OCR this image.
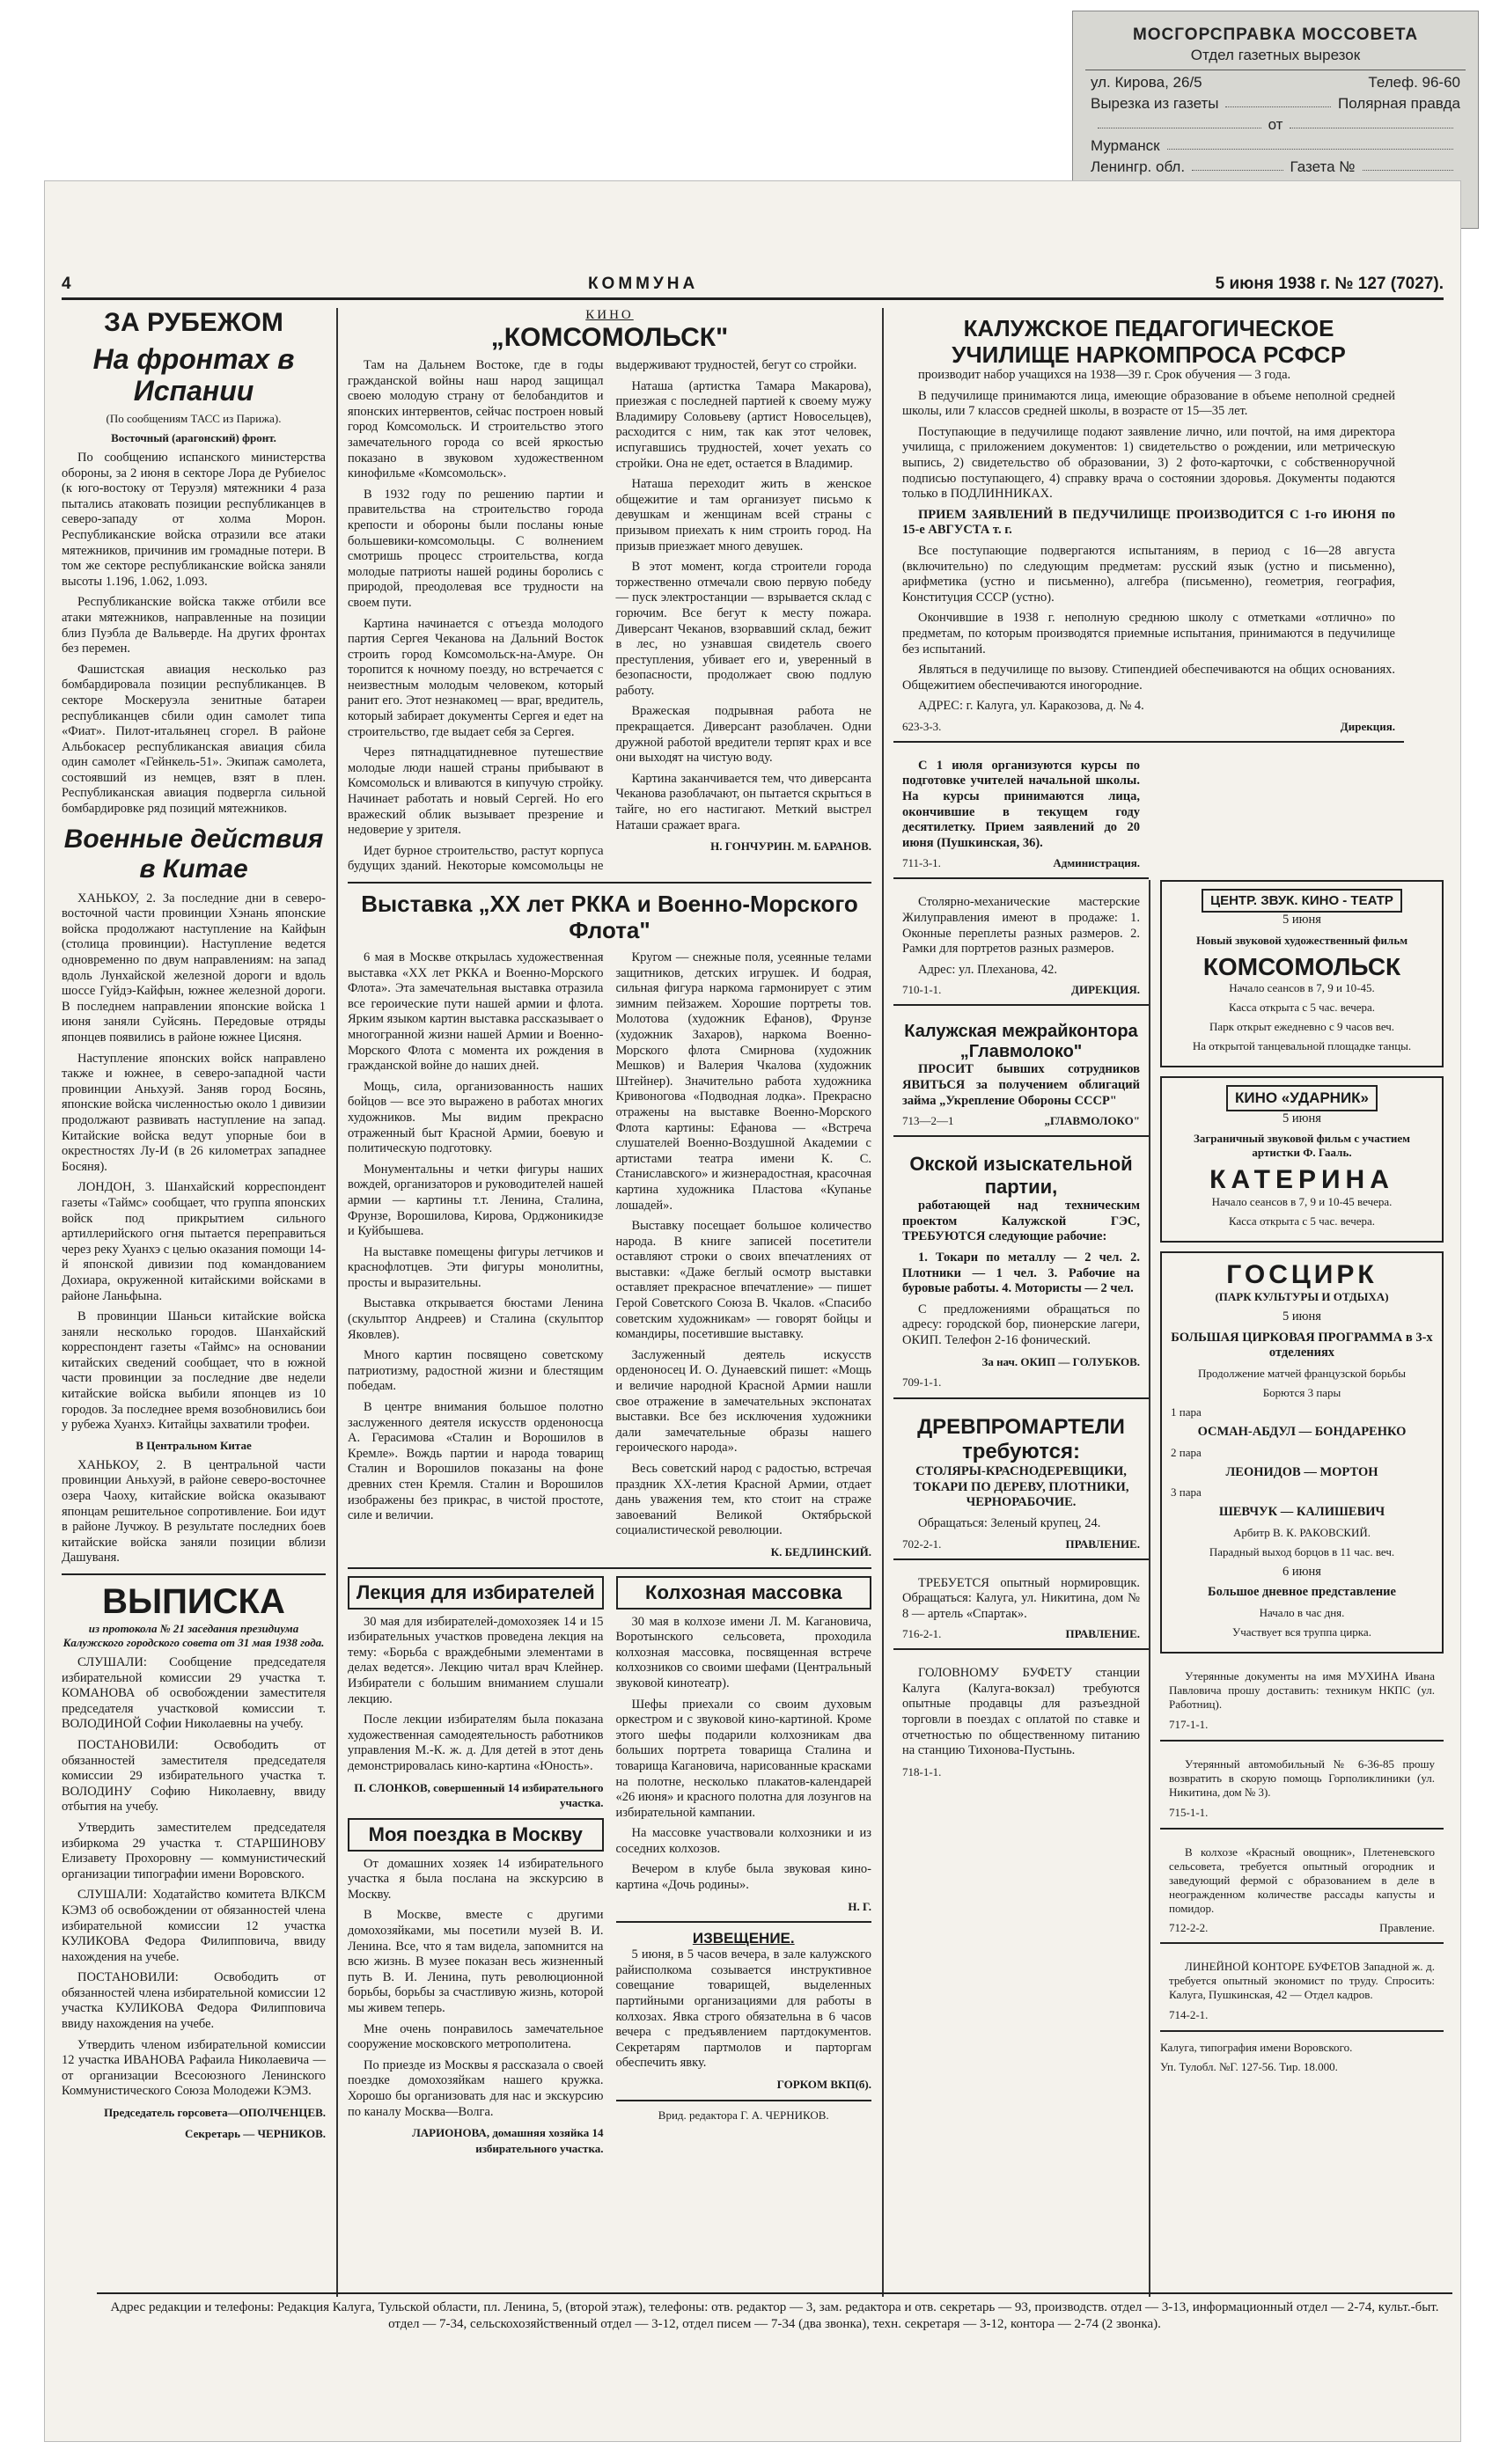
МОСГОРСПРАВКА МОССОВЕТА
Отдел газетных вырезок
ул. Кирова, 26/5	Телеф. 96-60
Вырезка из газеты	Полярная правда
от
Мурманск
Ленингр. обл.	Газета №
4	КОММУНА	5 июня 1938 г. № 127 (7027).
ЗА РУБЕЖОМ
На фронтах в Испании

(По сообщениям ТАСС из Парижа).

Восточный (арагонский) фронт.

По сообщению испанского министерства обороны, за 2 июня в секторе Лора де Рубиелос (к юго-востоку от Теруэля) мятежники 4 раза пытались атаковать позиции республиканцев в северо-западу от холма Морон. Республиканские войска отразили все атаки мятежников, причинив им громадные потери. В том же секторе республиканские войска заняли высоты 1.196, 1.062, 1.093.

Республиканские войска также отбили все атаки мятежников, направленные на позиции близ Пуэбла де Вальверде. На других фронтах без перемен.

Фашистская авиация несколько раз бомбардировала позиции республиканцев. В секторе Москеруэла зенитные батареи республиканцев сбили один самолет типа «Фиат». Пилот-итальянец сгорел. В районе Альбокасер республиканская авиация сбила один самолет «Гейнкель-51». Экипаж самолета, состоявший из немцев, взят в плен. Республиканская авиация подвергла сильной бомбардировке ряд позиций мятежников.

Военные действия в Китае

ХАНЬКОУ, 2. За последние дни в северо-восточной части провинции Хэнань японские войска продолжают наступление на Кайфын (столица провинции). Наступление ведется одновременно по двум направлениям: на запад вдоль Лунхайской железной дороги и вдоль шоссе Гуйдэ-Кайфын, южнее железной дороги. В последнем направлении японские войска 1 июня заняли Суйсянь. Передовые отряды японцев появились в районе южнее Цисяня.

Наступление японских войск направлено также и южнее, в северо-западной части провинции Аньхуэй. Заняв город Босянь, японские войска численностью около 1 дивизии продолжают развивать наступление на запад. Китайские войска ведут упорные бои в окрестностях Лу-И (в 26 километрах западнее Босяня).

ЛОНДОН, 3. Шанхайский корреспондент газеты «Таймс» сообщает, что группа японских войск под прикрытием сильного артиллерийского огня пытается переправиться через реку Хуанхэ с целью оказания помощи 14-й японской дивизии под командованием Дохиара, окруженной китайскими войсками в районе Ланьфына.

В провинции Шаньси китайские войска заняли несколько городов. Шанхайский корреспондент газеты «Таймс» на основании китайских сведений сообщает, что в южной части провинции за последние две недели китайские войска выбили японцев из 10 городов. За последнее время возобновились бои у рубежа Хуанхэ. Китайцы захватили трофеи.

В Центральном Китае

ХАНЬКОУ, 2. В центральной части провинции Аньхуэй, в районе северо-восточнее озера Чаоху, китайские войска оказывают японцам решительное сопротивление. Бои идут в районе Лучжоу. В результате последних боев китайские войска заняли позиции вблизи Дашуваня.

ВЫПИСКА

из протокола № 21 заседания президиума Калужского городского совета от 31 мая 1938 года.

СЛУШАЛИ: Сообщение председателя избирательной комиссии 29 участка т. КОМАНОВА об освобождении заместителя председателя участковой комиссии т. ВОЛОДИНОЙ Софии Николаевны на учебу.

ПОСТАНОВИЛИ: Освободить от обязанностей заместителя председателя комиссии 29 избирательного участка т. ВОЛОДИНУ Софию Николаевну, ввиду отбытия на учебу.

Утвердить заместителем председателя избиркома 29 участка т. СТАРШИНОВУ Елизавету Прохоровну — коммунистический организации типографии имени Воровского.

СЛУШАЛИ: Ходатайство комитета ВЛКСМ КЭМЗ об освобождении от обязанностей члена избирательной комиссии 12 участка КУЛИКОВА Федора Филипповича, ввиду нахождения на учебе.

ПОСТАНОВИЛИ: Освободить от обязанностей члена избирательной комиссии 12 участка КУЛИКОВА Федора Филипповича ввиду нахождения на учебе.

Утвердить членом избирательной комиссии 12 участка ИВАНОВА Рафаила Николаевича — от организации Всесоюзного Ленинского Коммунистического Союза Молодежи КЭМЗ.

Председатель горсовета—ОПОЛЧЕНЦЕВ.

Секретарь — ЧЕРНИКОВ.

КИНО
„КОМСОМОЛЬСК"

Там на Дальнем Востоке, где в годы гражданской войны наш народ защищал своею молодую страну от белобандитов и японских интервентов, сейчас построен новый город Комсомольск. И строительство этого замечательного города со всей яркостью показано в звуковом художественном кинофильме «Комсомольск».

В 1932 году по решению партии и правительства на строительство города крепости и обороны были посланы юные большевики-комсомольцы. С волнением смотришь процесс строительства, когда молодые патриоты нашей родины боролись с природой, преодолевая все трудности на своем пути.

Картина начинается с отъезда молодого партия Сергея Чеканова на Дальний Восток строить город Комсомольск-на-Амуре. Он торопится к ночному поезду, но встречается с неизвестным молодым человеком, который ранит его. Этот незнакомец — враг, вредитель, который забирает документы Сергея и едет на строительство, где выдает себя за Сергея.

Через пятнадцатидневное путешествие молодые люди нашей страны прибывают в Комсомольск и вливаются в кипучую стройку. Начинает работать и новый Сергей. Но его вражеский облик вызывает презрение и недоверие у зрителя.

Идет бурное строительство, растут корпуса будущих зданий. Некоторые комсомольцы не выдерживают трудностей, бегут со стройки.

Наташа (артистка Тамара Макарова), приезжая с последней партией к своему мужу Владимиру Соловьеву (артист Новосельцев), расходится с ним, так как этот человек, испугавшись трудностей, хочет уехать со стройки. Она не едет, остается в Владимир.

Наташа переходит жить в женское общежитие и там организует письмо к девушкам и женщинам всей страны с призывом приехать к ним строить город. На призыв приезжает много девушек.

В этот момент, когда строители города торжественно отмечали свою первую победу — пуск электростанции — взрывается склад с горючим. Все бегут к месту пожара. Диверсант Чеканов, взорвавший склад, бежит в лес, но узнавшая свидетель своего преступления, убивает его и, уверенный в безопасности, продолжает свою подлую работу.

Вражеская подрывная работа не прекращается. Диверсант разоблачен. Одни дружной работой вредители терпят крах и все они выходят на чистую воду.

Картина заканчивается тем, что диверсанта Чеканова разоблачают, он пытается скрыться в тайге, но его настигают. Меткий выстрел Наташи сражает врага.

Н. ГОНЧУРИН. М. БАРАНОВ.

Выставка „XX лет РККА и Военно-Морского Флота"

6 мая в Москве открылась художественная выставка «XX лет РККА и Военно-Морского Флота». Эта замечательная выставка отразила все героические пути нашей армии и флота. Ярким языком картин выставка рассказывает о многогранной жизни нашей Армии и Военно-Морского Флота с момента их рождения в гражданской войне до наших дней.

Мощь, сила, организованность наших бойцов — все это выражено в работах многих художников. Мы видим прекрасно отраженный быт Красной Армии, боевую и политическую подготовку.

Монументальны и четки фигуры наших вождей, организаторов и руководителей нашей армии — картины т.т. Ленина, Сталина, Фрунзе, Ворошилова, Кирова, Орджоникидзе и Куйбышева.

На выставке помещены фигуры летчиков и краснофлотцев. Эти фигуры монолитны, просты и выразительны.

Выставка открывается бюстами Ленина (скульптор Андреев) и Сталина (скульптор Яковлев).

Много картин посвящено советскому патриотизму, радостной жизни и блестящим победам.

В центре внимания большое полотно заслуженного деятеля искусств орденоносца А. Герасимова «Сталин и Ворошилов в Кремле». Вождь партии и народа товарищ Сталин и Ворошилов показаны на фоне древних стен Кремля. Сталин и Ворошилов изображены без прикрас, в чистой простоте, силе и величии.

Кругом — снежные поля, усеянные телами защитников, детских игрушек. И бодрая, сильная фигура наркома гармонирует с этим зимним пейзажем. Хорошие портреты тов. Молотова (художник Ефанов), Фрунзе (художник Захаров), наркома Военно-Морского флота Смирнова (художник Мешков) и Валерия Чкалова (художник Штейнер). Значительно работа художника Кривоногова «Подводная лодка». Прекрасно отражены на выставке Военно-Морского Флота картины: Ефанова — «Встреча слушателей Военно-Воздушной Академии с артистами театра имени К. С. Станиславского» и жизнерадостная, красочная картина художника Пластова «Купанье лошадей».

Выставку посещает большое количество народа. В книге записей посетители оставляют строки о своих впечатлениях от выставки: «Даже беглый осмотр выставки оставляет прекрасное впечатление» — пишет Герой Советского Союза В. Чкалов. «Спасибо советским художникам» — говорят бойцы и командиры, посетившие выставку.

Заслуженный деятель искусств орденоносец И. О. Дунаевский пишет: «Мощь и величие народной Красной Армии нашли свое отражение в замечательных экспонатах выставки. Все без исключения художники дали замечательные образы нашего героического народа».

Весь советский народ с радостью, встречая праздник XX-летия Красной Армии, отдает дань уважения тем, кто стоит на страже завоеваний Великой Октябрьской социалистической революции.

К. БЕДЛИНСКИЙ.

Лекция для избирателей

30 мая для избирателей-домохозяек 14 и 15 избирательных участков проведена лекция на тему: «Борьба с враждебными элементами в делах ведется». Лекцию читал врач Клейнер. Избиратели с большим вниманием слушали лекцию.

После лекции избирателям была показана художественная самодеятельность работников управления М.-К. ж. д. Для детей в этот день демонстрировалась кино-картина «Юность».

П. СЛОНКОВ, совершенный 14 избирательного участка.

Моя поездка в Москву

От домашних хозяек 14 избирательного участка я была послана на экскурсию в Москву.

В Москве, вместе с другими домохозяйками, мы посетили музей В. И. Ленина. Все, что я там видела, запомнится на всю жизнь. В музее показан весь жизненный путь В. И. Ленина, путь революционной борьбы, борьбы за счастливую жизнь, которой мы живем теперь.

Мне очень понравилось замечательное сооружение московского метрополитена.

По приезде из Москвы я рассказала о своей поездке домохозяйкам нашего кружка. Хорошо бы организовать для нас и экскурсию по каналу Москва—Волга.

ЛАРИОНОВА, домашняя хозяйка 14 избирательного участка.

Колхозная массовка

30 мая в колхозе имени Л. М. Кагановича, Воротынского сельсовета, проходила колхозная массовка, посвященная встрече колхозников со своими шефами (Центральный звуковой кинотеатр).

Шефы приехали со своим духовым оркестром и с звуковой кино-картиной. Кроме этого шефы подарили колхозникам два больших портрета товарища Сталина и товарища Кагановича, нарисованные красками на полотне, несколько плакатов-календарей «26 июня» и красного полотна для лозунгов на избирательной кампании.

На массовке участвовали колхозники и из соседних колхозов.

Вечером в клубе была звуковая кино-картина «Дочь родины».

Н. Г.

ИЗВЕЩЕНИЕ.

5 июня, в 5 часов вечера, в зале калужского райисполкома созывается инструктивное совещание товарищей, выделенных партийными организациями для работы в колхозах. Явка строго обязательна в 6 часов вечера с предъявлением партдокументов. Секретарям партмолов и парторгам обеспечить явку.

ГОРКОМ ВКП(б).

Врид. редактора Г. А. ЧЕРНИКОВ.

КАЛУЖСКОЕ ПЕДАГОГИЧЕСКОЕ УЧИЛИЩЕ НАРКОМПРОСА РСФСР

производит набор учащихся на 1938—39 г. Срок обучения — 3 года.

В педучилище принимаются лица, имеющие образование в объеме неполной средней школы, или 7 классов средней школы, в возрасте от 15—35 лет.

Поступающие в педучилище подают заявление лично, или почтой, на имя директора училища, с приложением документов: 1) свидетельство о рождении, или метрическую выпись, 2) свидетельство об образовании, 3) 2 фото-карточки, с собственноручной подписью поступающего, 4) справку врача о состоянии здоровья. Документы подаются только в ПОДЛИННИКАХ.

ПРИЕМ ЗАЯВЛЕНИЙ В ПЕДУЧИЛИЩЕ ПРОИЗВОДИТСЯ С 1-го ИЮНЯ по 15-е АВГУСТА т. г.

Все поступающие подвергаются испытаниям, в период с 16—28 августа (включительно) по следующим предметам: русский язык (устно и письменно), арифметика (устно и письменно), алгебра (письменно), геометрия, география, Конституция СССР (устно).

Окончившие в 1938 г. неполную среднюю школу с отметками «отлично» по предметам, по которым производятся приемные испытания, принимаются в педучилище без испытаний.

Являться в педучилище по вызову. Стипендией обеспечиваются на общих основаниях. Общежитием обеспечиваются иногородние.

АДРЕС: г. Калуга, ул. Каракозова, д. № 4.

623-3-3.	Дирекция.

С 1 июля организуются курсы по подготовке учителей начальной школы. На курсы принимаются лица, окончившие в текущем году десятилетку. Прием заявлений до 20 июня (Пушкинская, 36).

711-3-1.	Администрация.

Столярно-механические мастерские Жилуправления имеют в продаже: 1. Оконные переплеты разных размеров. 2. Рамки для портретов разных размеров.

Адрес: ул. Плеханова, 42.

710-1-1.	ДИРЕКЦИЯ.
Калужская межрайконтора „Главмолоко"

ПРОСИТ бывших сотрудников ЯВИТЬСЯ за получением облигаций займа „Укрепление Обороны СССР"

713—2—1	„ГЛАВМОЛОКО"
Окской изыскательной партии,

работающей над техническим проектом Калужской ГЭС, ТРЕБУЮТСЯ следующие рабочие:

1. Токари по металлу — 2 чел. 2. Плотники — 1 чел. 3. Рабочие на буровые работы. 4. Мотористы — 2 чел.

С предложениями обращаться по адресу: городской бор, пионерские лагери, ОКИП. Телефон 2-16 фонический.

За нач. ОКИП — ГОЛУБКОВ.

709-1-1.
ДРЕВПРОМАРТЕЛИ требуются:

СТОЛЯРЫ-КРАСНОДЕРЕВЩИКИ, ТОКАРИ ПО ДЕРЕВУ, ПЛОТНИКИ, ЧЕРНОРАБОЧИЕ.

Обращаться: Зеленый крупец, 24.

702-2-1.	ПРАВЛЕНИЕ.

ТРЕБУЕТСЯ опытный нормировщик. Обращаться: Калуга, ул. Никитина, дом № 8 — артель «Спартак».

716-2-1.	ПРАВЛЕНИЕ.

ГОЛОВНОМУ БУФЕТУ станции Калуга (Калуга-вокзал) требуются опытные продавцы для разъездной торговли в поездах с оплатой по ставке и отчетностью по общественному питанию на станцию Тихонова-Пустынь.

718-1-1.
ЦЕНТР. ЗВУК. КИНО - ТЕАТР

5 июня

Новый звуковой художественный фильм

КОМСОМОЛЬСК

Начало сеансов в 7, 9 и 10-45.

Касса открыта с 5 час. вечера.

Парк открыт ежедневно с 9 часов веч.

На открытой танцевальной площадке танцы.

КИНО «УДАРНИК»

5 июня

Заграничный звуковой фильм с участием артистки Ф. Гааль.

КАТЕРИНА

Начало сеансов в 7, 9 и 10-45 вечера.

Касса открыта с 5 час. вечера.

ГОСЦИРК

(ПАРК КУЛЬТУРЫ И ОТДЫХА)

5 июня

БОЛЬШАЯ ЦИРКОВАЯ ПРОГРАММА в 3-х отделениях

Продолжение матчей французской борьбы

Борются 3 пары

1 пара

ОСМАН-АБДУЛ — БОНДАРЕНКО

2 пара

ЛЕОНИДОВ — МОРТОН

3 пара

ШЕВЧУК — КАЛИШЕВИЧ

Арбитр В. К. РАКОВСКИЙ.

Парадный выход борцов в 11 час. веч.

6 июня

Большое дневное представление

Начало в час дня.

Участвует вся труппа цирка.

Утерянные документы на имя МУХИНА Ивана Павловича прошу доставить: техникум НКПС (ул. Работниц).

717-1-1.

Утерянный автомобильный № 6-36-85 прошу возвратить в скорую помощь Горполиклиники (ул. Никитина, дом № 3).

715-1-1.

В колхозе «Красный овощник», Плетеневского сельсовета, требуется опытный огородник и заведующий фермой с образованием в деле в неогражденном количестве рассады капусты и помидор.

712-2-2.	Правление.

ЛИНЕЙНОЙ КОНТОРЕ БУФЕТОВ Западной ж. д. требуется опытный экономист по труду. Спросить: Калуга, Пушкинская, 42 — Отдел кадров.

714-2-1.

Калуга, типография имени Воровского.

Уп. Тулобл. №Г. 127-56. Тир. 18.000.

Адрес редакции и телефоны: Редакция Калуга, Тульской области, пл. Ленина, 5, (второй этаж), телефоны: отв. редактор — 3, зам. редактора и отв. секретарь — 93, производств. отдел — 3-13, информационный отдел — 2-74, культ.-быт. отдел — 7-34, сельскохозяйственный отдел — 3-12, отдел писем — 7-34 (два звонка), техн. секретаря — 3-12, контора — 2-74 (2 звонка).
